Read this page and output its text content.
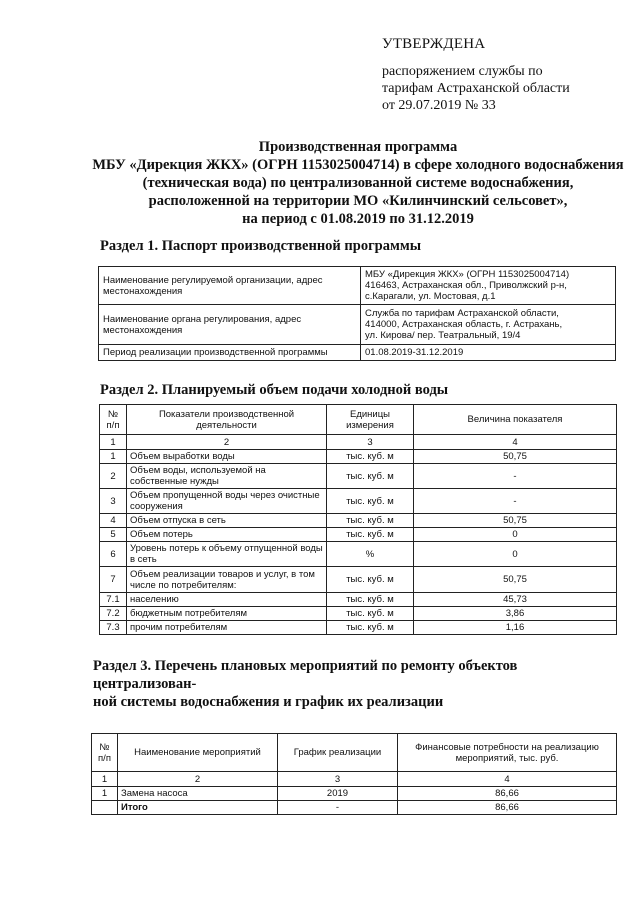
УТВЕРЖДЕНА
распоряжением службы по
тарифам Астраханской области
от 29.07.2019 № 33
Производственная программа
МБУ «Дирекция ЖКХ» (ОГРН 1153025004714) в сфере холодного водоснабжения
(техническая вода) по централизованной системе водоснабжения,
расположенной на территории МО «Килинчинский сельсовет»,
на период с 01.08.2019 по 31.12.2019
Раздел 1. Паспорт производственной программы
Наименование регулируемой организации, адрес местонахождения	МБУ «Дирекция ЖКХ» (ОГРН 1153025004714)
416463, Астраханская обл., Приволжский р-н,
с.Карагали, ул. Мостовая, д.1

Наименование органа регулирования, адрес местонахождения	Служба по тарифам Астраханской области,
414000, Астраханская область, г. Астрахань,
ул. Кирова/ пер. Театральный, 19/4

Период реализации производственной программы	01.08.2019-31.12.2019
Раздел 2. Планируемый объем подачи холодной воды
№ п/п	Показатели производственной деятельности	Единицы измерения	Величина показателя
1	2	3	4
1	Объем выработки воды	тыс. куб. м	50,75
2	Объем воды, используемой на собственные нужды	тыс. куб. м	-
3	Объем пропущенной воды через очистные сооружения	тыс. куб. м	-
4	Объем отпуска в сеть	тыс. куб. м	50,75
5	Объем потерь	тыс. куб. м	0
6	Уровень потерь к объему отпущенной воды в сеть	%	0
7	Объем реализации товаров и услуг, в том числе по потребителям:	тыс. куб. м	50,75
7.1	населению	тыс. куб. м	45,73
7.2	бюджетным потребителям	тыс. куб. м	3,86
7.3	прочим потребителям	тыс. куб. м	1,16
Раздел 3. Перечень плановых мероприятий по ремонту объектов централизован-
ной системы водоснабжения и график их реализации
№ п/п	Наименование мероприятий	График реализации	Финансовые потребности на реализацию мероприятий, тыс. руб.
1	2	3	4
1	Замена насоса	2019	86,66
	Итого	-	86,66
